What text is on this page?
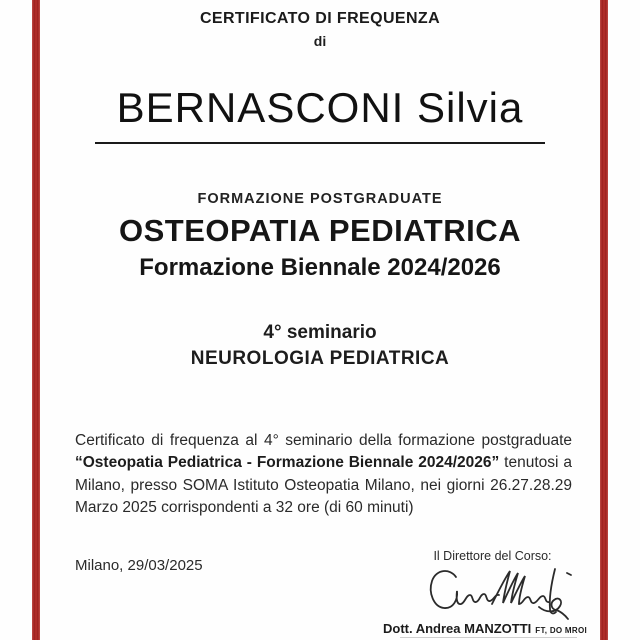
CERTIFICATO DI FREQUENZA
di
BERNASCONI Silvia
FORMAZIONE POSTGRADUATE
OSTEOPATIA PEDIATRICA
Formazione Biennale 2024/2026
4° seminario
NEUROLOGIA PEDIATRICA

Certificato di frequenza al 4° seminario della formazione postgraduate “Osteopatia Pediatrica - Formazione Biennale 2024/2026” tenutosi a Milano, presso SOMA Istituto Osteopatia Milano, nei giorni 26.27.28.29 Marzo 2025 corrispondenti a 32 ore (di 60 minuti)

Milano, 29/03/2025
Il Direttore del Corso:
Dott. Andrea MANZOTTI FT, DO MROI
